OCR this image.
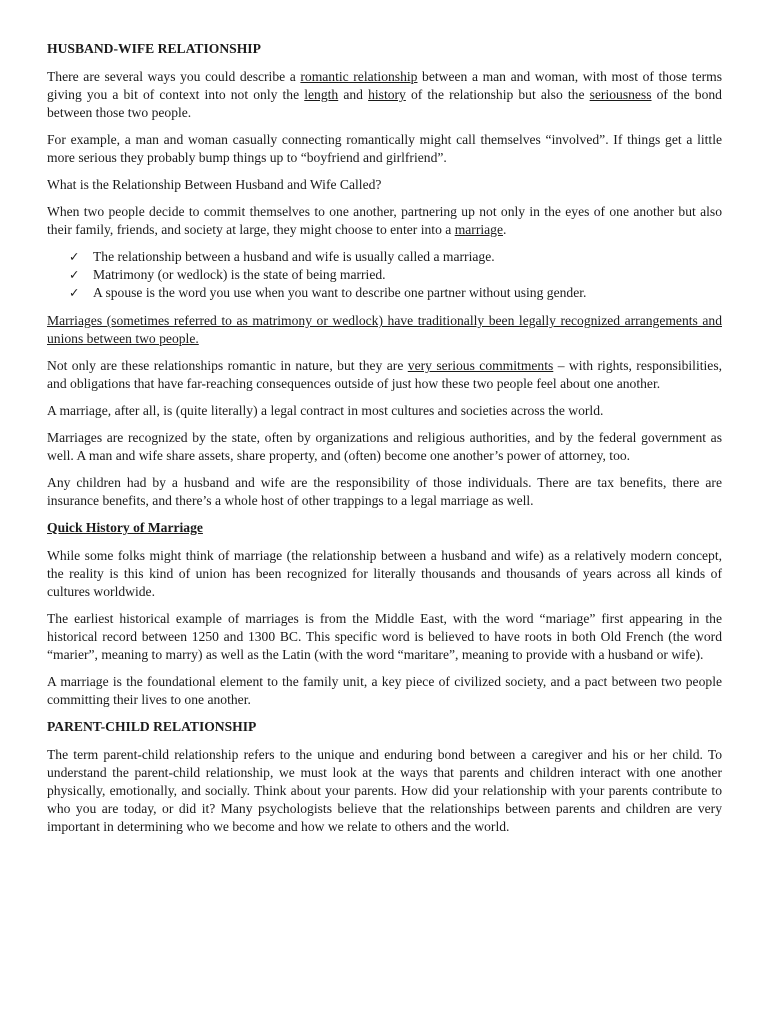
HUSBAND-WIFE RELATIONSHIP

There are several ways you could describe a romantic relationship between a man and woman, with most of those terms giving you a bit of context into not only the length and history of the relationship but also the seriousness of the bond between those two people.

For example, a man and woman casually connecting romantically might call themselves “involved”. If things get a little more serious they probably bump things up to “boyfriend and girlfriend”.

What is the Relationship Between Husband and Wife Called?

When two people decide to commit themselves to one another, partnering up not only in the eyes of one another but also their family, friends, and society at large, they might choose to enter into a marriage.

✓ The relationship between a husband and wife is usually called a marriage.
✓ Matrimony (or wedlock) is the state of being married.
✓ A spouse is the word you use when you want to describe one partner without using gender.

Marriages (sometimes referred to as matrimony or wedlock) have traditionally been legally recognized arrangements and unions between two people.

Not only are these relationships romantic in nature, but they are very serious commitments – with rights, responsibilities, and obligations that have far-reaching consequences outside of just how these two people feel about one another.

A marriage, after all, is (quite literally) a legal contract in most cultures and societies across the world.

Marriages are recognized by the state, often by organizations and religious authorities, and by the federal government as well. A man and wife share assets, share property, and (often) become one another’s power of attorney, too.

Any children had by a husband and wife are the responsibility of those individuals. There are tax benefits, there are insurance benefits, and there’s a whole host of other trappings to a legal marriage as well.

Quick History of Marriage

While some folks might think of marriage (the relationship between a husband and wife) as a relatively modern concept, the reality is this kind of union has been recognized for literally thousands and thousands of years across all kinds of cultures worldwide.

The earliest historical example of marriages is from the Middle East, with the word “mariage” first appearing in the historical record between 1250 and 1300 BC. This specific word is believed to have roots in both Old French (the word “marier”, meaning to marry) as well as the Latin (with the word “maritare”, meaning to provide with a husband or wife).

A marriage is the foundational element to the family unit, a key piece of civilized society, and a pact between two people committing their lives to one another.

PARENT-CHILD RELATIONSHIP

The term parent-child relationship refers to the unique and enduring bond between a caregiver and his or her child. To understand the parent-child relationship, we must look at the ways that parents and children interact with one another physically, emotionally, and socially. Think about your parents. How did your relationship with your parents contribute to who you are today, or did it? Many psychologists believe that the relationships between parents and children are very important in determining who we become and how we relate to others and the world.
